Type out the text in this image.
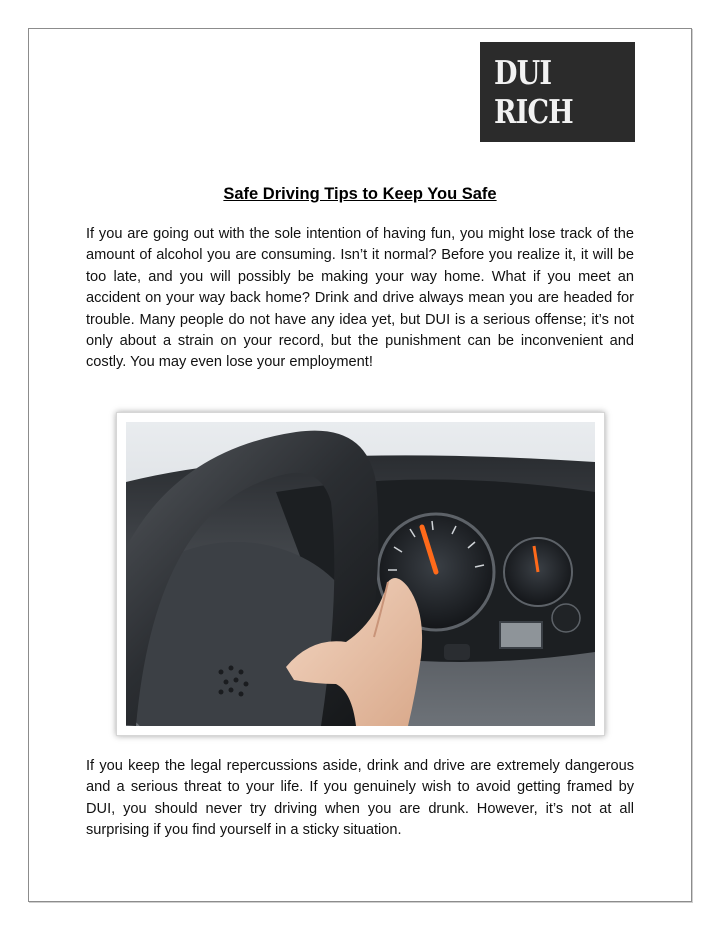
DUI RICH
Safe Driving Tips to Keep You Safe

If you are going out with the sole intention of having fun, you might lose track of the amount of alcohol you are consuming. Isn’t it normal? Before you realize it, it will be too late, and you will possibly be making your way home. What if you meet an accident on your way back home? Drink and drive always mean you are headed for trouble. Many people do not have any idea yet, but DUI is a serious offense; it’s not only about a strain on your record, but the punishment can be inconvenient and costly. You may even lose your employment!

If you keep the legal repercussions aside, drink and drive are extremely dangerous and a serious threat to your life. If you genuinely wish to avoid getting framed by DUI, you should never try driving when you are drunk. However, it’s not at all surprising if you find yourself in a sticky situation.
